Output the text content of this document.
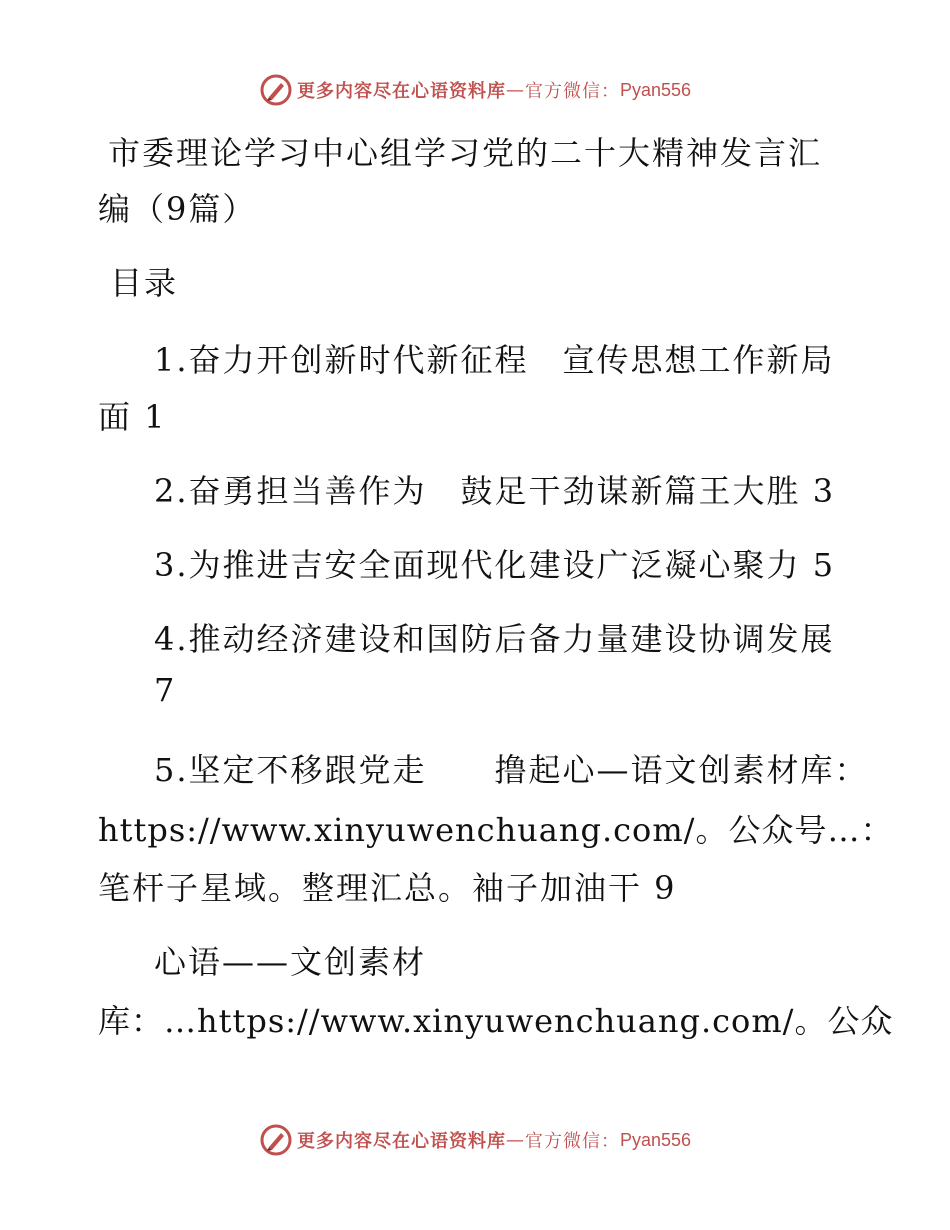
更多内容尽在心语资料库 — 官方微信： Pyan556
市委理论学习中心组学习党的二十大精神发言汇
编（9篇）
目录
1.奋力开创新时代新征程　宣传思想工作新局
面 1
2.奋勇担当善作为　鼓足干劲谋新篇王大胜 3
3.为推进吉安全面现代化建设广泛凝心聚力 5
4.推动经济建设和国防后备力量建设协调发展
7
5.坚定不移跟党走　　撸起心—语文创素材库：
https://www.xinyuwenchuang.com/。公众号…：
笔杆子星域。整理汇总。袖子加油干 9
心语——文创素材
库：…https://www.xinyuwenchuang.com/。公众
更多内容尽在心语资料库 — 官方微信： Pyan556
